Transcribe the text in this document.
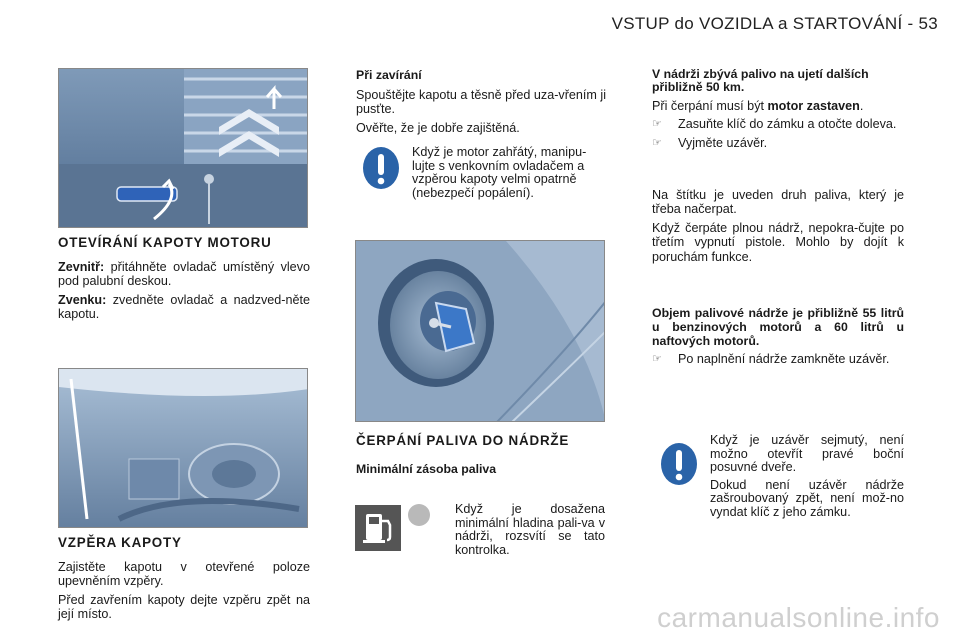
VSTUP do VOZIDLA a STARTOVÁNÍ - 53
OTEVÍRÁNÍ KAPOTY MOTORU

Zevnitř: přitáhněte ovladač umístěný vlevo pod palubní deskou.

Zvenku: zvedněte ovladač a nadzved-něte kapotu.

VZPĚRA KAPOTY

Zajistěte kapotu v otevřené poloze upevněním vzpěry.

Před zavřením kapoty dejte vzpěru zpět na její místo.

Při zavírání

Spouštějte kapotu a těsně před uza-vřením ji pusťte.

Ověřte, že je dobře zajištěná.

Když je motor zahřátý, manipu-lujte s venkovním ovladačem a vzpěrou kapoty velmi opatrně (nebezpečí popálení).
ČERPÁNÍ PALIVA DO NÁDRŽE
Minimální zásoba paliva
Když je dosažena minimální hladina pali-va v nádrži, rozsvítí se tato kontrolka.

V nádrži zbývá palivo na ujetí dalších přibližně 50 km.

Při čerpání musí být motor zastaven.

☞ Zasuňte klíč do zámku a otočte doleva.
☞ Vyjměte uzávěr.

Na štítku je uveden druh paliva, který je třeba načerpat.

Když čerpáte plnou nádrž, nepokra-čujte po třetím vypnutí pistole. Mohlo by dojít k poruchám funkce.

Objem palivové nádrže je přibližně 55 litrů u benzinových motorů a 60 litrů u naftových motorů.

☞ Po naplnění nádrže zamkněte uzávěr.

Když je uzávěr sejmutý, není možno otevřít pravé boční posuvné dveře.

Dokud není uzávěr nádrže zašroubovaný zpět, není mož-no vyndat klíč z jeho zámku.

carmanualsonline.info
